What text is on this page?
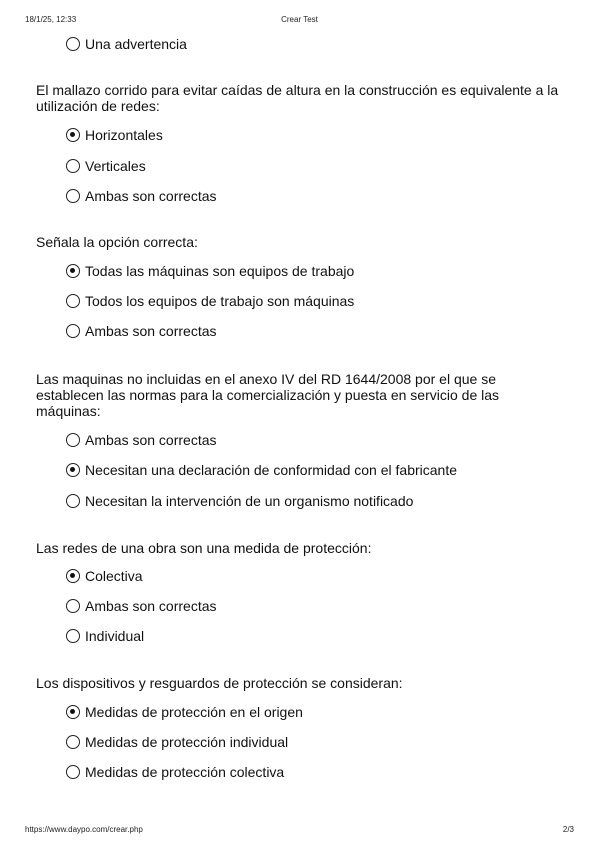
18/1/25, 12:33	Crear Test
Una advertencia
El mallazo corrido para evitar caídas de altura en la construcción es equivalente a la utilización de redes:
Horizontales
Verticales
Ambas son correctas
Señala la opción correcta:
Todas las máquinas son equipos de trabajo
Todos los equipos de trabajo son máquinas
Ambas son correctas
Las maquinas no incluidas en el anexo IV del RD 1644/2008 por el que se establecen las normas para la comercialización y puesta en servicio de las máquinas:
Ambas son correctas
Necesitan una declaración de conformidad con el fabricante
Necesitan la intervención de un organismo notificado
Las redes de una obra son una medida de protección:
Colectiva
Ambas son correctas
Individual
Los dispositivos y resguardos de protección se consideran:
Medidas de protección en el origen
Medidas de protección individual
Medidas de protección colectiva
https://www.daypo.com/crear.php	2/3
